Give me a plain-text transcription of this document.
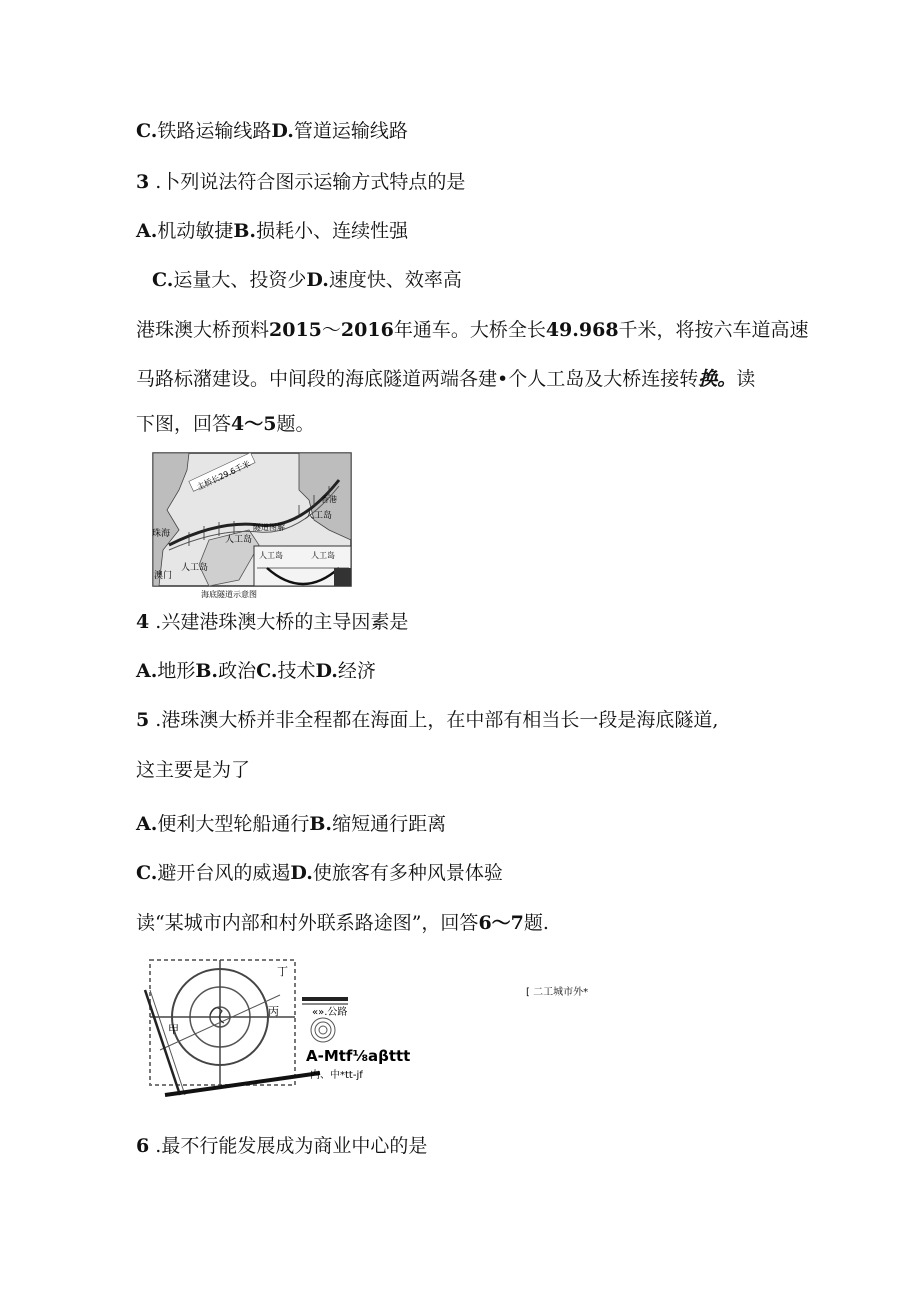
C.铁路运输线路D.管道运输线路
3 .卜列说法符合图示运输方式特点的是
A.机动敏捷B.损耗小、连续性强
C.运量大、投资少D.速度快、效率高
港珠澳大桥预料2015〜2016年通车。大桥全长49.968千米，将按六车道高速
马路标潴建设。中间段的海底隧道两端各建•个人工岛及大桥连接转换。读
下图，回答4〜5题。
主桥长29.6千米
珠海
澳门
香港
人工岛
人工岛
人工岛
隧道图解
人工岛	人工岛
海底隧道示意图
4 .兴建港珠澳大桥的主导因素是
A.地形B.政治C.技术D.经济
5 .港珠澳大桥并非全程都在海面上，在中部有相当长一段是海底隧道,
这主要是为了
A.便利大型轮船通行B.缩短通行距离
C.避开台风的威遏D.使旅客有多种风景体验
读“某城市内部和村外联系路途图”，回答6〜7题.
丁
丙
甲
«».公路
A-Mtf⅛aβttt
内、中*tt-jf
[ 二工城市外*
6 .最不行能发展成为商业中心的是
